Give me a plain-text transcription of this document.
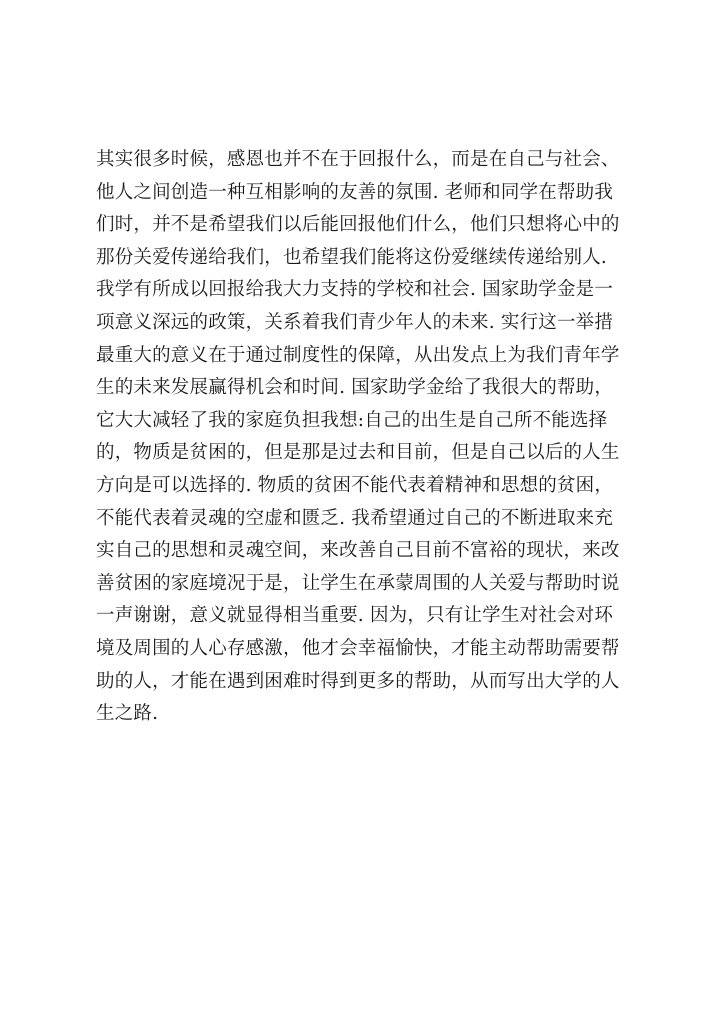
其实很多时候，感恩也并不在于回报什么，而是在自己与社会、
他人之间创造一种互相影响的友善的氛围. 老师和同学在帮助我
们时，并不是希望我们以后能回报他们什么，他们只想将心中的
那份关爱传递给我们，也希望我们能将这份爱继续传递给别人.
我学有所成以回报给我大力支持的学校和社会. 国家助学金是一
项意义深远的政策，关系着我们青少年人的未来. 实行这一举措
最重大的意义在于通过制度性的保障，从出发点上为我们青年学
生的未来发展赢得机会和时间. 国家助学金给了我很大的帮助，
它大大减轻了我的家庭负担我想:自己的出生是自己所不能选择
的，物质是贫困的，但是那是过去和目前，但是自己以后的人生
方向是可以选择的. 物质的贫困不能代表着精神和思想的贫困，
不能代表着灵魂的空虚和匮乏. 我希望通过自己的不断进取来充
实自己的思想和灵魂空间，来改善自己目前不富裕的现状，来改
善贫困的家庭境况于是，让学生在承蒙周围的人关爱与帮助时说
一声谢谢，意义就显得相当重要. 因为，只有让学生对社会对环
境及周围的人心存感激，他才会幸福愉快，才能主动帮助需要帮
助的人，才能在遇到困难时得到更多的帮助，从而写出大学的人
生之路.
